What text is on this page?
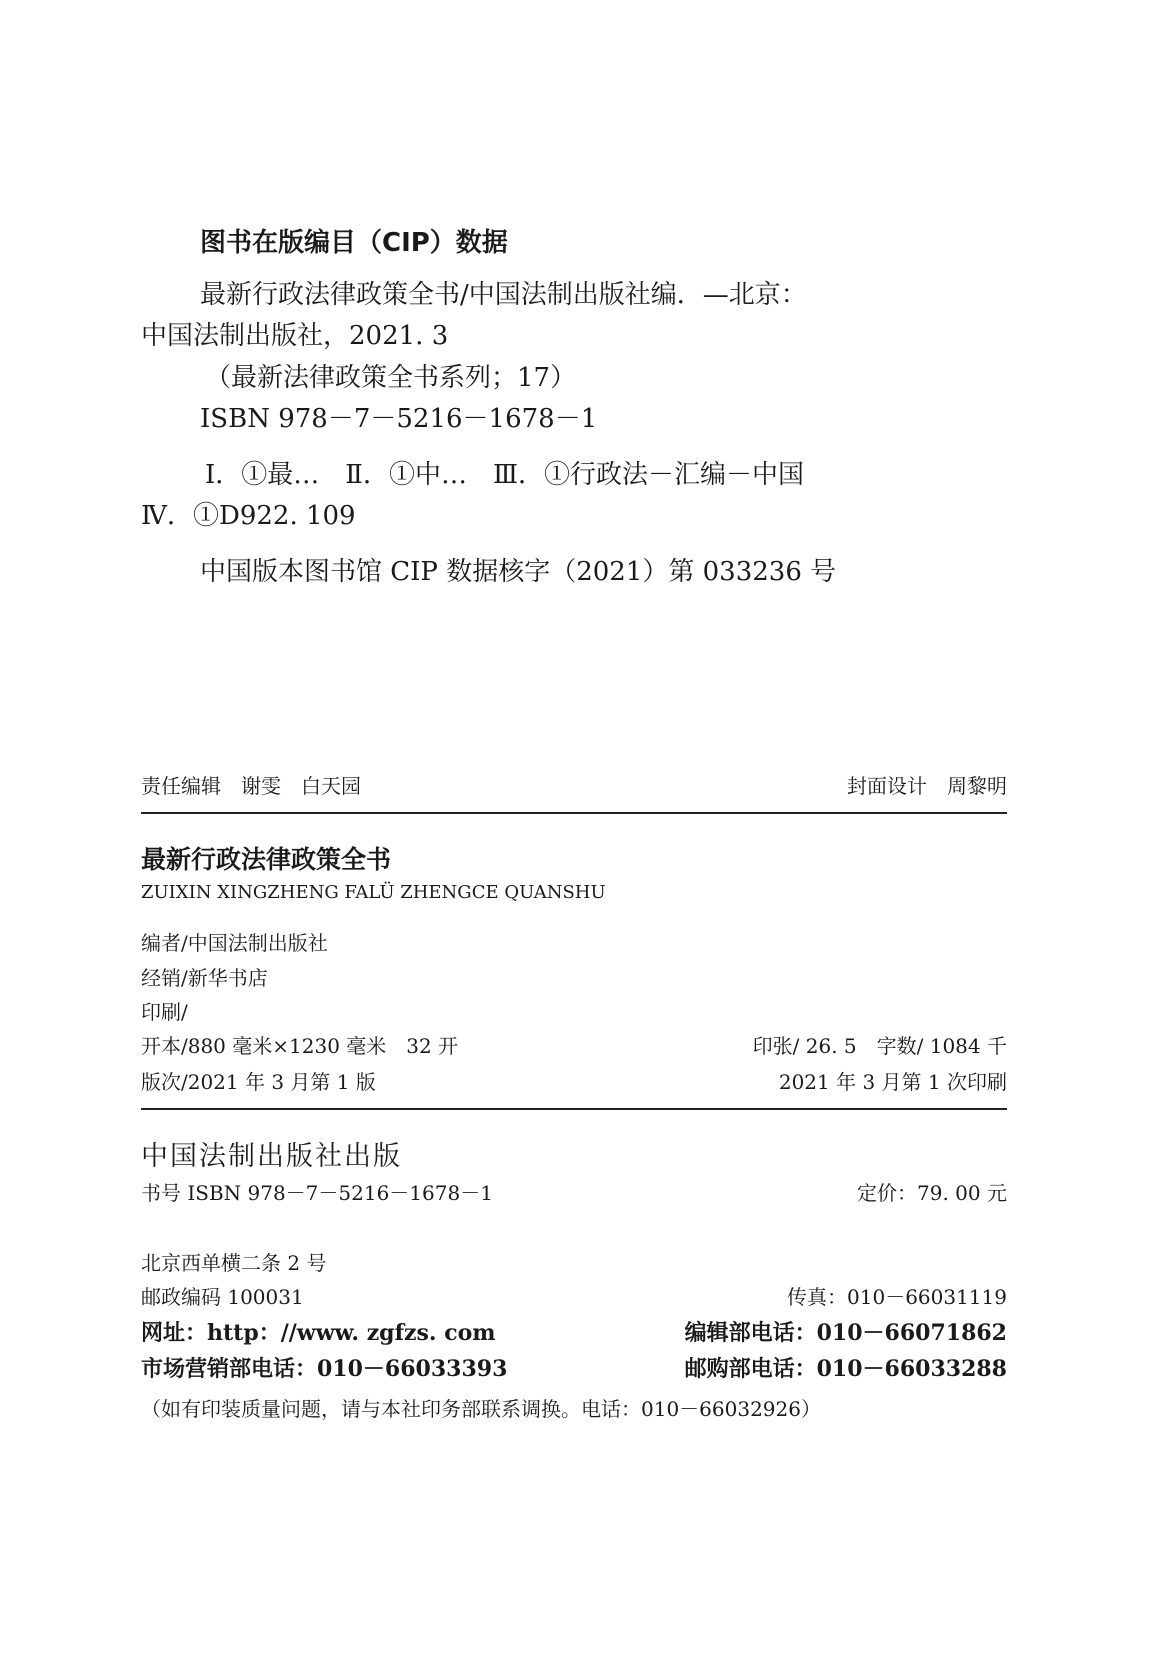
图书在版编目（CIP）数据
最新行政法律政策全书/中国法制出版社编．—北京：
中国法制出版社，2021. 3
（最新法律政策全书系列；17）
ISBN 978－7－5216－1678－1
Ⅰ．①最…　Ⅱ．①中…　Ⅲ．①行政法－汇编－中国
Ⅳ．①D922. 109
中国版本图书馆 CIP 数据核字（2021）第 033236 号
责任编辑　谢雯　白天园	封面设计　周黎明
最新行政法律政策全书
ZUIXIN XINGZHENG FALÜ ZHENGCE QUANSHU
编者/中国法制出版社
经销/新华书店
印刷/
开本/880 毫米×1230 毫米　32 开	印张/ 26. 5　字数/ 1084 千
版次/2021 年 3 月第 1 版	2021 年 3 月第 1 次印刷
中国法制出版社出版
书号 ISBN 978－7－5216－1678－1	定价：79. 00 元
北京西单横二条 2 号
邮政编码 100031	传真：010－66031119
网址：http：//www. zgfzs. com	编辑部电话：010－66071862
市场营销部电话：010－66033393	邮购部电话：010－66033288
（如有印装质量问题，请与本社印务部联系调换。电话：010－66032926）
